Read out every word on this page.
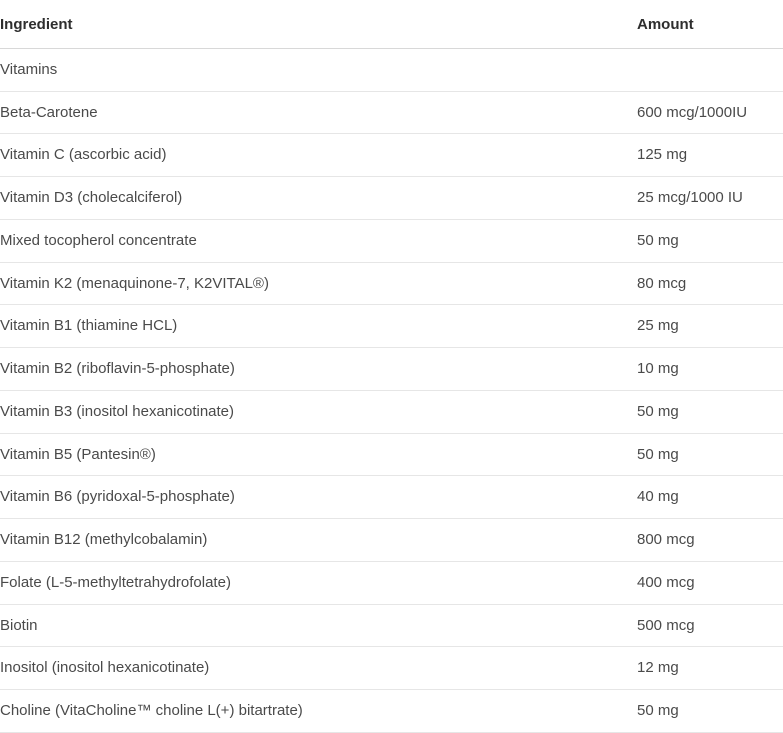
Ingredient	Amount
Vitamins	
Beta-Carotene	600 mcg/1000IU
Vitamin C (ascorbic acid)	125 mg
Vitamin D3 (cholecalciferol)	25 mcg/1000 IU
Mixed tocopherol concentrate	50 mg
Vitamin K2 (menaquinone-7, K2VITAL®)	80 mcg
Vitamin B1 (thiamine HCL)	25 mg
Vitamin B2 (riboflavin-5-phosphate)	10 mg
Vitamin B3 (inositol hexanicotinate)	50 mg
Vitamin B5 (Pantesin®)	50 mg
Vitamin B6 (pyridoxal-5-phosphate)	40 mg
Vitamin B12 (methylcobalamin)	800 mcg
Folate (L-5-methyltetrahydrofolate)	400 mcg
Biotin	500 mcg
Inositol (inositol hexanicotinate)	12 mg
Choline (VitaCholine™ choline L(+) bitartrate)	50 mg
